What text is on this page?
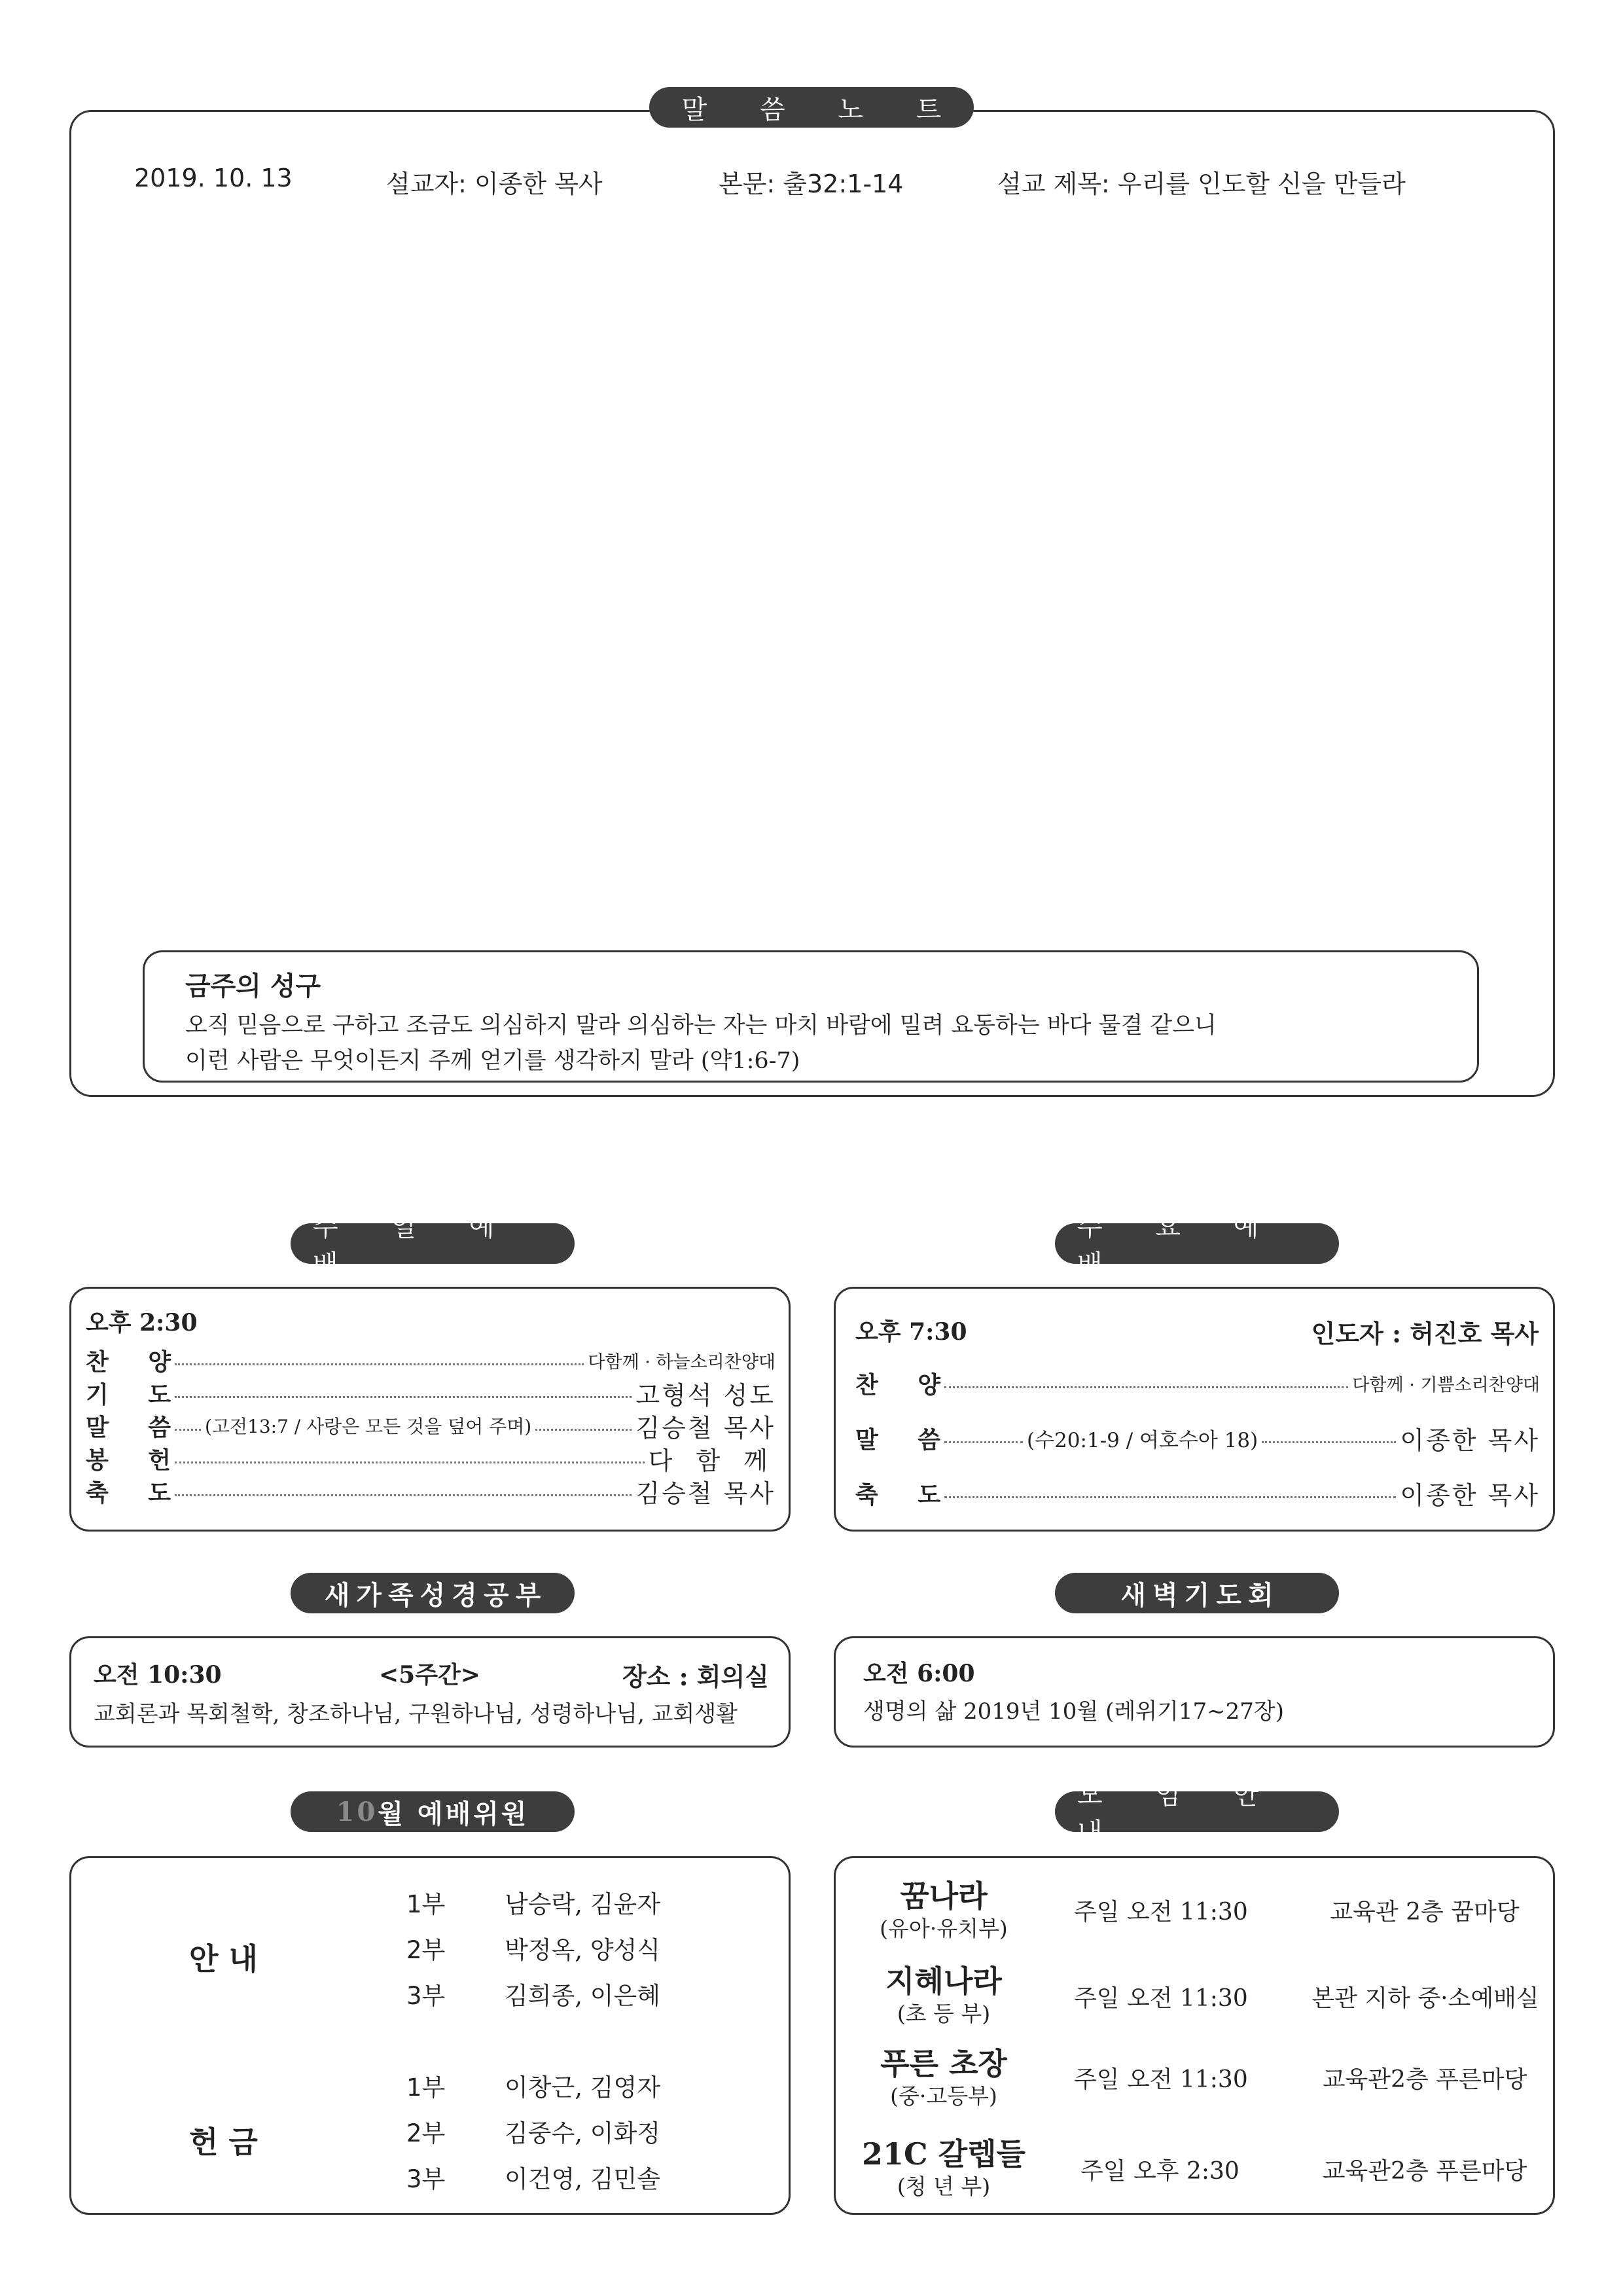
말 씀 노 트
2019. 10. 13	설교자: 이종한 목사	본문: 출32:1-14	설교 제목: 우리를 인도할 신을 만들라
금주의 성구
오직 믿음으로 구하고 조금도 의심하지 말라 의심하는 자는 마치 바람에 밀려 요동하는 바다 물결 같으니
이런 사람은 무엇이든지 주께 얻기를 생각하지 말라 (약1:6-7)
주 일 예 배
오후 2:30
찬 양	다함께 · 하늘소리찬양대
기 도	고형석 성도
말 씀 (고전13:7 / 사랑은 모든 것을 덮어 주며)	김승철 목사
봉 헌	다 함 께
축 도	김승철 목사
수 요 예 배
오후 7:30	인도자 : 허진호 목사
찬 양	다함께 · 기쁨소리찬양대
말 씀	(수20:1-9 / 여호수아 18)	이종한 목사
축 도	이종한 목사
새가족성경공부
오전 10:30	<5주간>	장소 : 회의실
교회론과 목회철학, 창조하나님, 구원하나님, 성령하나님, 교회생활
새벽기도회
오전 6:00
생명의 삶 2019년 10월 (레위기17~27장)
10 월 예배위원
안 내
1부 남승락, 김윤자
2부 박정옥, 양성식
3부 김희종, 이은혜
헌 금
1부 이창근, 김영자
2부 김중수, 이화정
3부 이건영, 김민솔
모 임 안 내
꿈나라
(유아·유치부)
주일 오전 11:30	교육관 2층 꿈마당
지혜나라
(초 등 부)
주일 오전 11:30	본관 지하 중·소예배실
푸른 초장
(중·고등부)
주일 오전 11:30	교육관2층 푸른마당
21C 갈렙들
(청 년 부)
주일 오후 2:30	교육관2층 푸른마당
